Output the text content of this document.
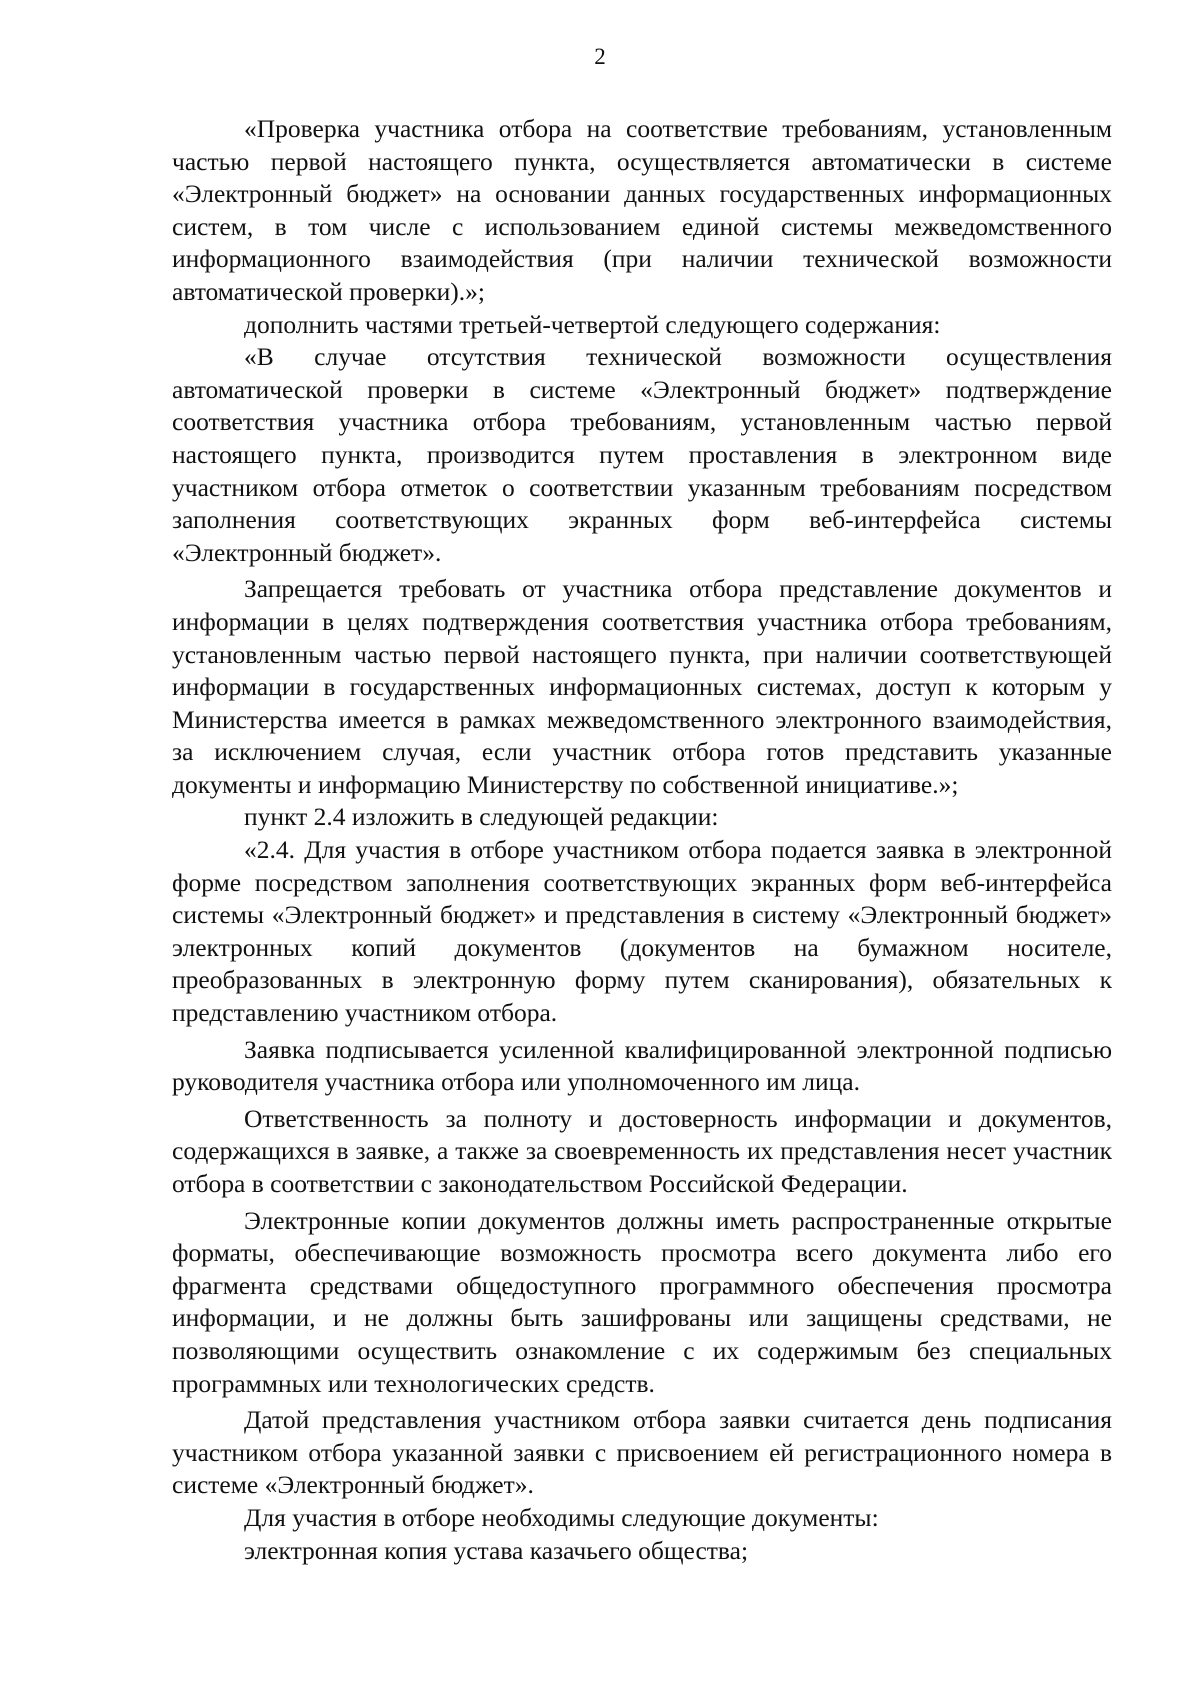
2

«Проверка участника отбора на соответствие требованиям, установленным частью первой настоящего пункта, осуществляется автоматически в системе «Электронный бюджет» на основании данных государственных информационных систем, в том числе с использованием единой системы межведомственного информационного взаимодействия (при наличии технической возможности автоматической проверки).»;

дополнить частями третьей-четвертой следующего содержания:

«В случае отсутствия технической возможности осуществления автоматической проверки в системе «Электронный бюджет» подтверждение соответствия участника отбора требованиям, установленным частью первой настоящего пункта, производится путем проставления в электронном виде участником отбора отметок о соответствии указанным требованиям посредством заполнения соответствующих экранных форм веб-интерфейса системы «Электронный бюджет».

Запрещается требовать от участника отбора представление документов и информации в целях подтверждения соответствия участника отбора требованиям, установленным частью первой настоящего пункта, при наличии соответствующей информации в государственных информационных системах, доступ к которым у Министерства имеется в рамках межведомственного электронного взаимодействия, за исключением случая, если участник отбора готов представить указанные документы и информацию Министерству по собственной инициативе.»;

пункт 2.4 изложить в следующей редакции:

«2.4. Для участия в отборе участником отбора подается заявка в электронной форме посредством заполнения соответствующих экранных форм веб-интерфейса системы «Электронный бюджет» и представления в систему «Электронный бюджет» электронных копий документов (документов на бумажном носителе, преобразованных в электронную форму путем сканирования), обязательных к представлению участником отбора.

Заявка подписывается усиленной квалифицированной электронной подписью руководителя участника отбора или уполномоченного им лица.

Ответственность за полноту и достоверность информации и документов, содержащихся в заявке, а также за своевременность их представления несет участник отбора в соответствии с законодательством Российской Федерации.

Электронные копии документов должны иметь распространенные открытые форматы, обеспечивающие возможность просмотра всего документа либо его фрагмента средствами общедоступного программного обеспечения просмотра информации, и не должны быть зашифрованы или защищены средствами, не позволяющими осуществить ознакомление с их содержимым без специальных программных или технологических средств.

Датой представления участником отбора заявки считается день подписания участником отбора указанной заявки с присвоением ей регистрационного номера в системе «Электронный бюджет».

Для участия в отборе необходимы следующие документы:

электронная копия устава казачьего общества;
